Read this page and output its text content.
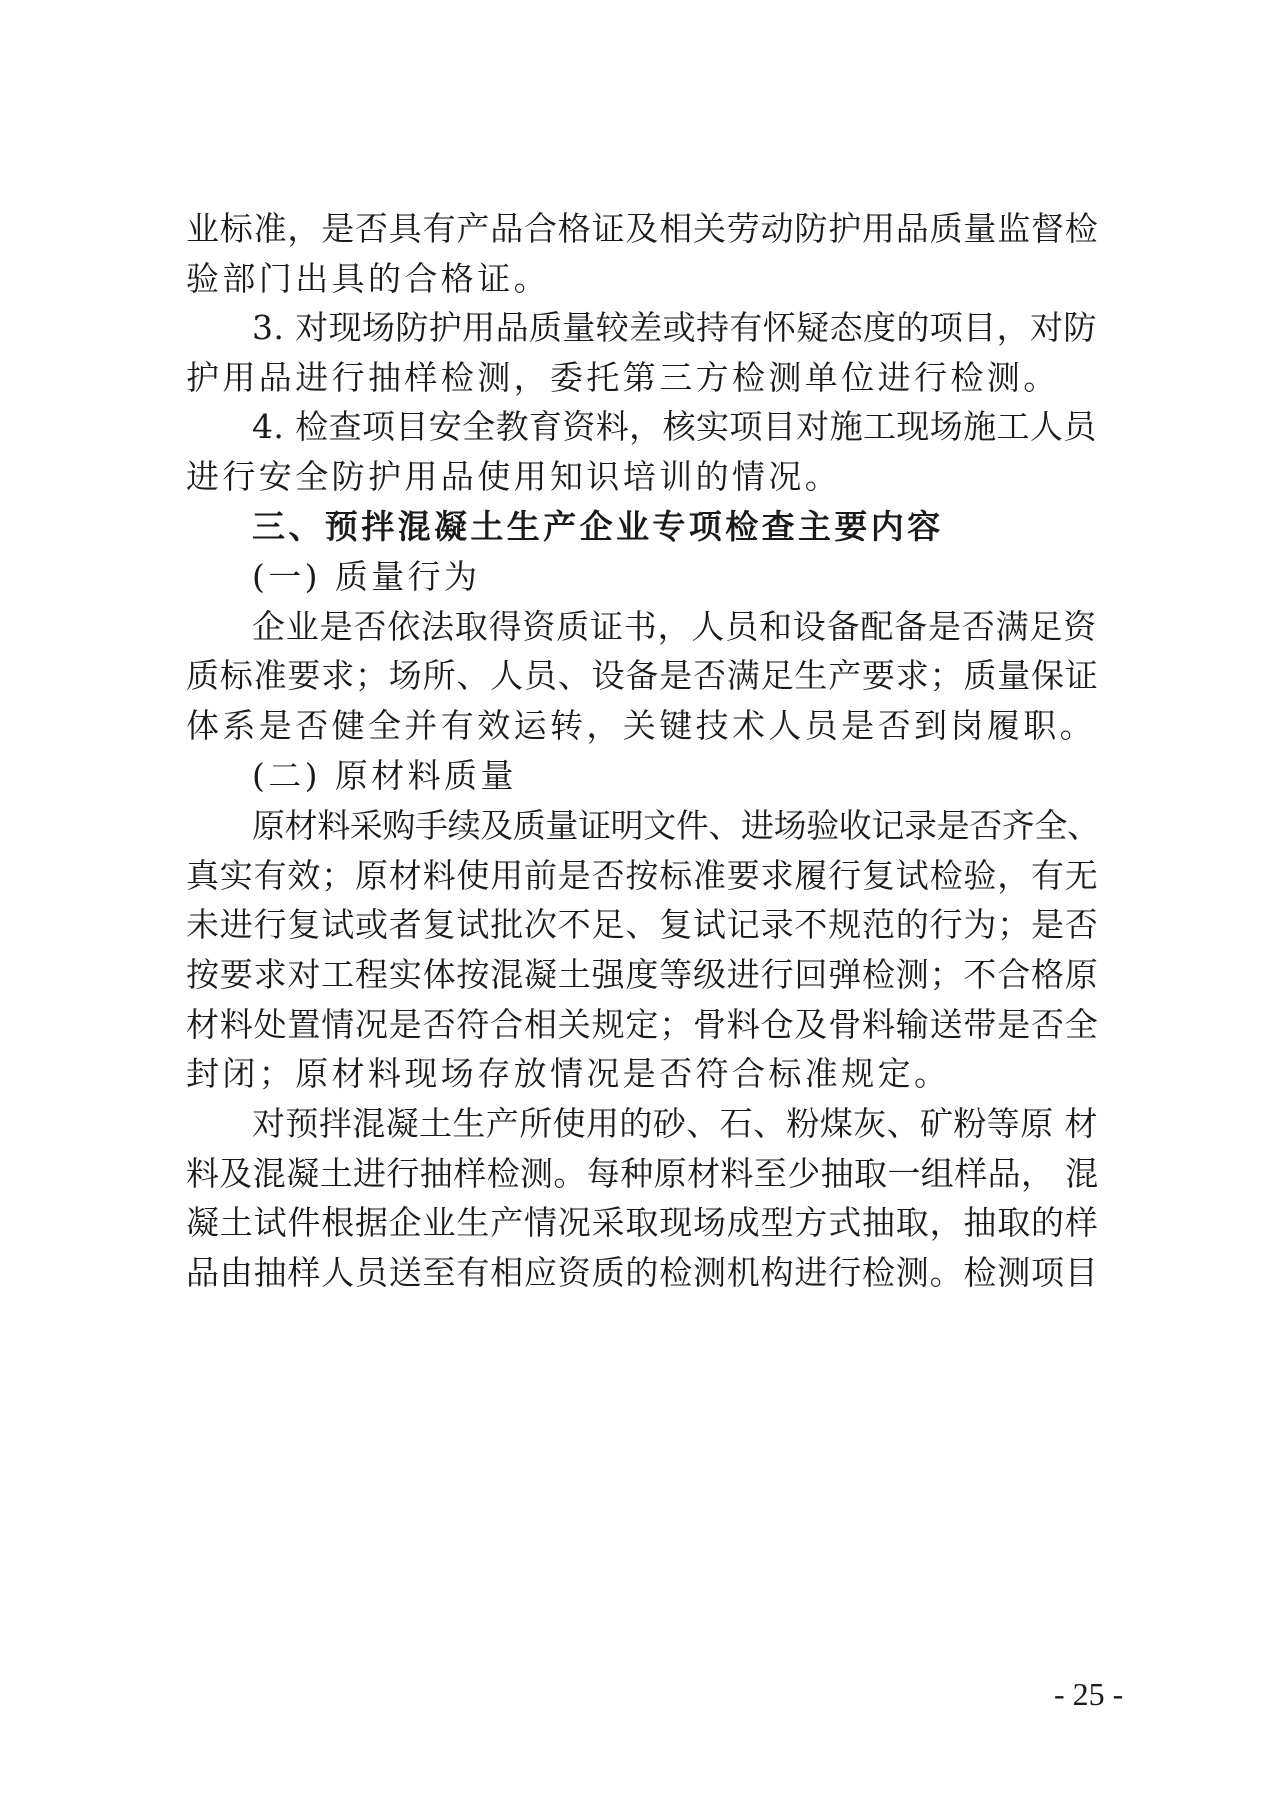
业标准，是否具有产品合格证及相关劳动防护用品质量监督检
验部门出具的合格证。
3. 对现场防护用品质量较差或持有怀疑态度的项目，对防
护用品进行抽样检测，委托第三方检测单位进行检测。
4. 检查项目安全教育资料，核实项目对施工现场施工人员
进行安全防护用品使用知识培训的情况。
三、预拌混凝土生产企业专项检查主要内容
(一) 质量行为
企业是否依法取得资质证书，人员和设备配备是否满足资
质标准要求；场所、人员、设备是否满足生产要求；质量保证
体系是否健全并有效运转，关键技术人员是否到岗履职。
(二) 原材料质量
原材料采购手续及质量证明文件、进场验收记录是否齐全、
真实有效；原材料使用前是否按标准要求履行复试检验，有无
未进行复试或者复试批次不足、复试记录不规范的行为；是否
按要求对工程实体按混凝土强度等级进行回弹检测；不合格原
材料处置情况是否符合相关规定；骨料仓及骨料输送带是否全
封闭；原材料现场存放情况是否符合标准规定。
对预拌混凝土生产所使用的砂、石、粉煤灰、矿粉等原 材
料及混凝土进行抽样检测。每种原材料至少抽取一组样品， 混
凝土试件根据企业生产情况采取现场成型方式抽取，抽取的样
品由抽样人员送至有相应资质的检测机构进行检测。检测项目
- 25 -
